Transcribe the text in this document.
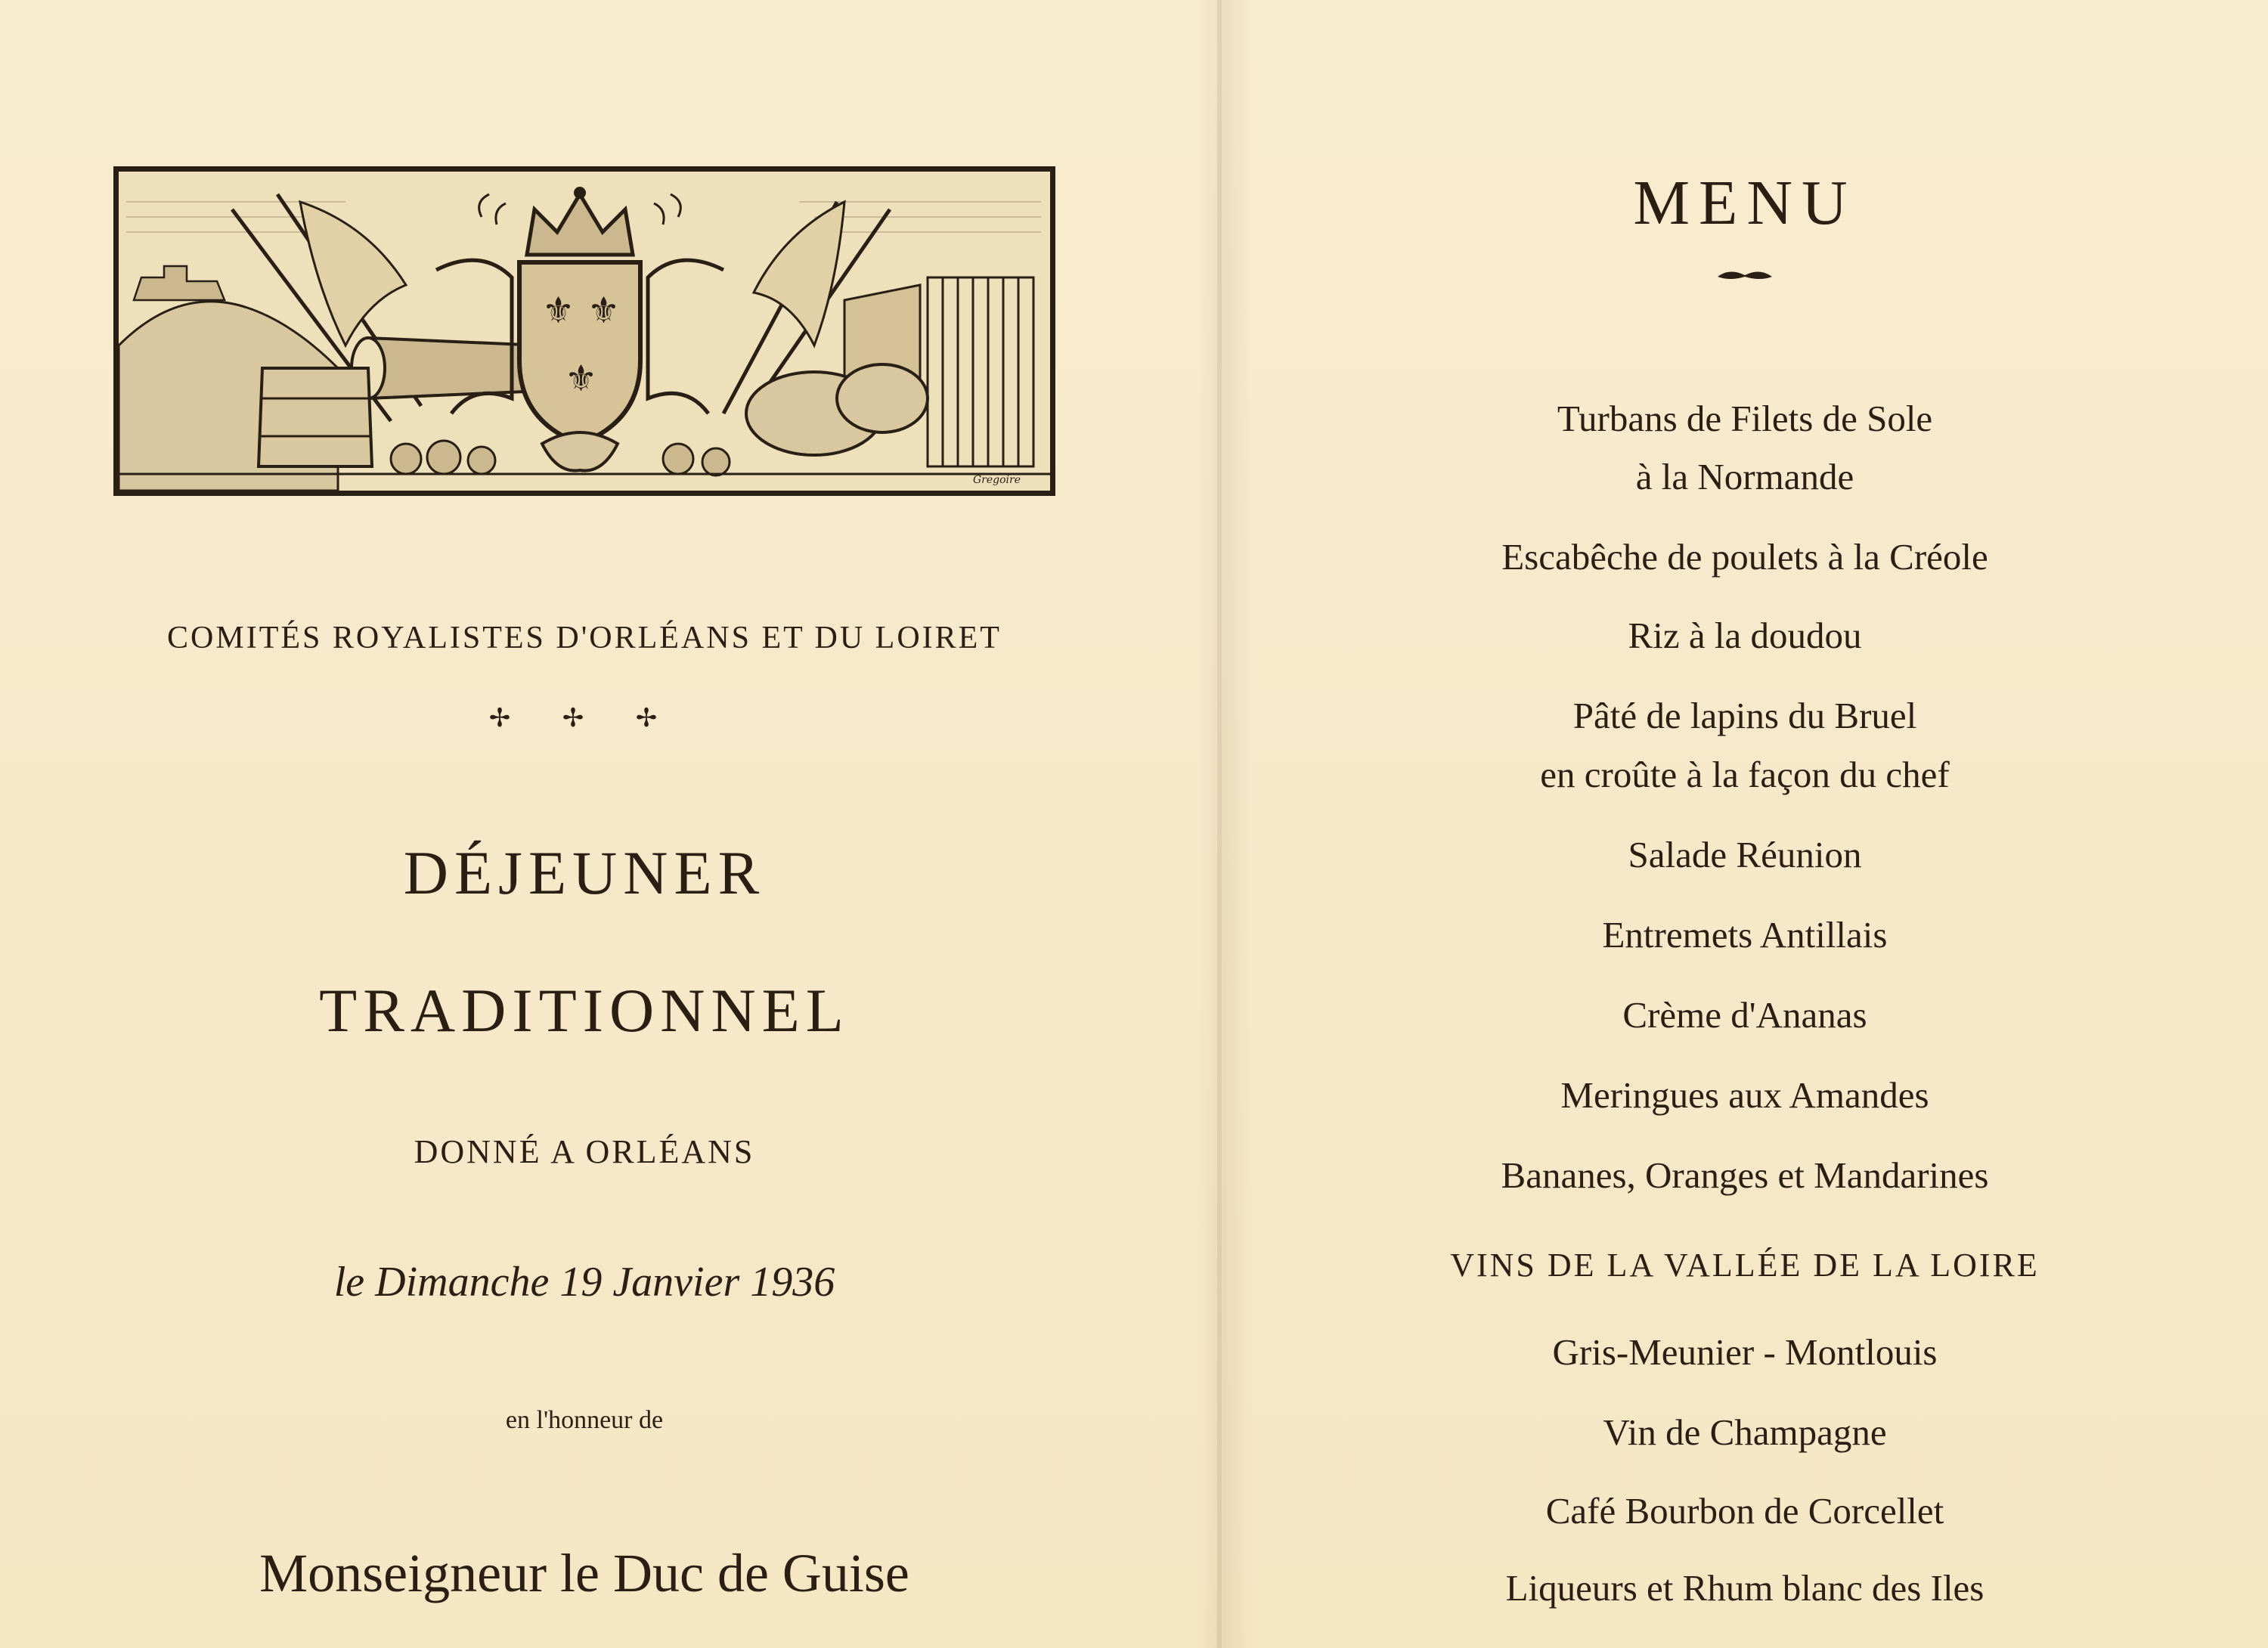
⚜ ⚜
⚜
Gregoire
COMITÉS ROYALISTES D'ORLÉANS ET DU LOIRET
✢ ✢ ✢
DÉJEUNER
TRADITIONNEL
DONNÉ A ORLÉANS
le Dimanche 19 Janvier 1936
en l'honneur de
Monseigneur le Duc de Guise
MENU
Turbans de Filets de Sole
à la Normande
Escabêche de poulets à la Créole
Riz à la doudou
Pâté de lapins du Bruel
en croûte à la façon du chef
Salade Réunion
Entremets Antillais
Crème d'Ananas
Meringues aux Amandes
Bananes, Oranges et Mandarines
VINS DE LA VALLÉE DE LA LOIRE
Gris-Meunier - Montlouis
Vin de Champagne
Café Bourbon de Corcellet
Liqueurs et Rhum blanc des Iles
